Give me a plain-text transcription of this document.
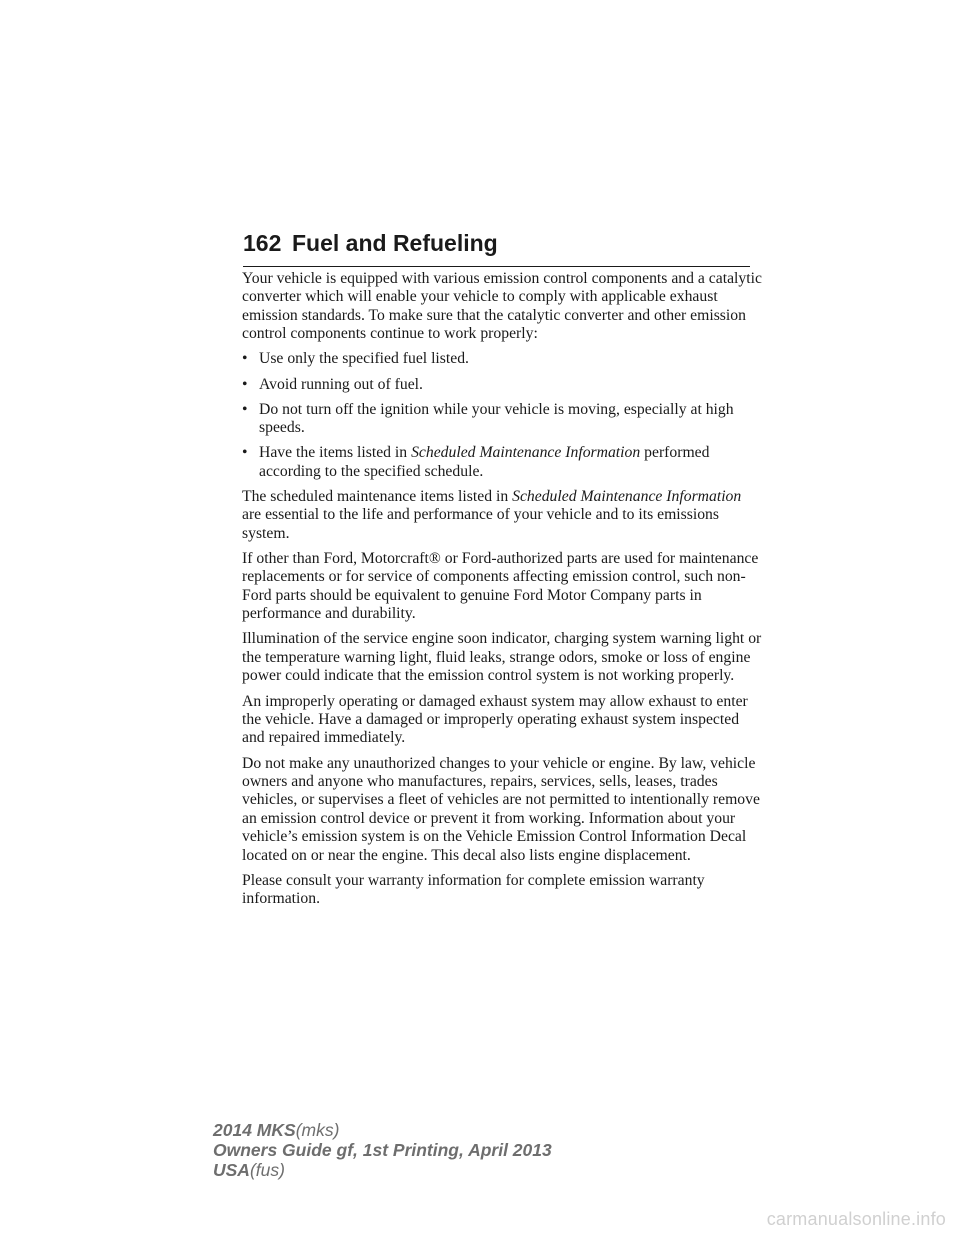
162 Fuel and Refueling

Your vehicle is equipped with various emission control components and a catalytic converter which will enable your vehicle to comply with applicable exhaust emission standards. To make sure that the catalytic converter and other emission control components continue to work properly:

• Use only the specified fuel listed.
• Avoid running out of fuel.
• Do not turn off the ignition while your vehicle is moving, especially at high speeds.
• Have the items listed in Scheduled Maintenance Information performed according to the specified schedule.

The scheduled maintenance items listed in Scheduled Maintenance Information are essential to the life and performance of your vehicle and to its emissions system.

If other than Ford, Motorcraft® or Ford-authorized parts are used for maintenance replacements or for service of components affecting emission control, such non-Ford parts should be equivalent to genuine Ford Motor Company parts in performance and durability.

Illumination of the service engine soon indicator, charging system warning light or the temperature warning light, fluid leaks, strange odors, smoke or loss of engine power could indicate that the emission control system is not working properly.

An improperly operating or damaged exhaust system may allow exhaust to enter the vehicle. Have a damaged or improperly operating exhaust system inspected and repaired immediately.

Do not make any unauthorized changes to your vehicle or engine. By law, vehicle owners and anyone who manufactures, repairs, services, sells, leases, trades vehicles, or supervises a fleet of vehicles are not permitted to intentionally remove an emission control device or prevent it from working. Information about your vehicle’s emission system is on the Vehicle Emission Control Information Decal located on or near the engine. This decal also lists engine displacement.

Please consult your warranty information for complete emission warranty information.

2014 MKS(mks)
Owners Guide gf, 1st Printing, April 2013
USA(fus)
carmanualsonline.info
